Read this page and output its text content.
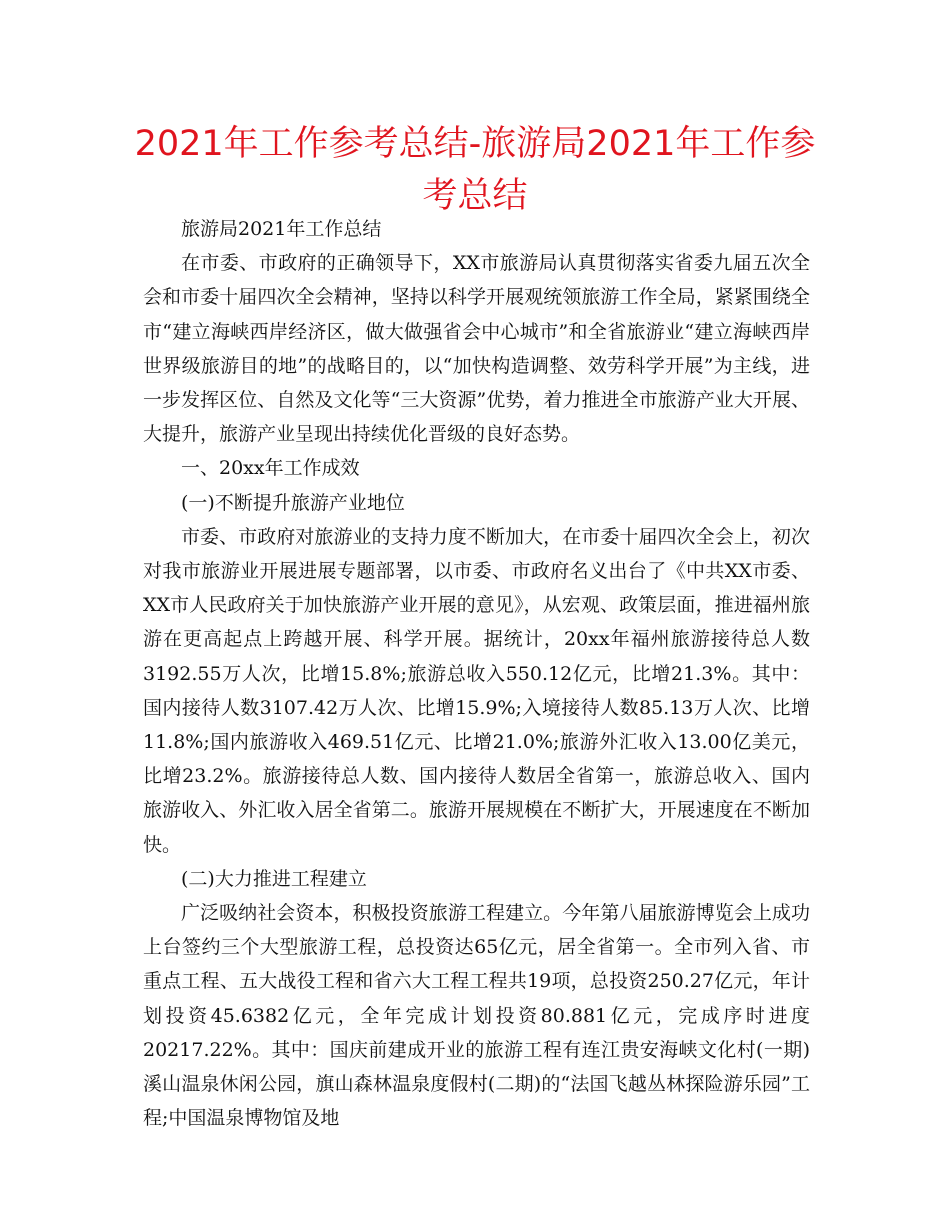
2021年工作参考总结-旅游局2021年工作参考总结

旅游局2021年工作总结

在市委、市政府的正确领导下，XX市旅游局认真贯彻落实省委九届五次全会和市委十届四次全会精神，坚持以科学开展观统领旅游工作全局，紧紧围绕全市“建立海峡西岸经济区，做大做强省会中心城市”和全省旅游业“建立海峡西岸世界级旅游目的地”的战略目的，以“加快构造调整、效劳科学开展”为主线，进一步发挥区位、自然及文化等“三大资源”优势，着力推进全市旅游产业大开展、大提升，旅游产业呈现出持续优化晋级的良好态势。

一、20xx年工作成效

(一)不断提升旅游产业地位

市委、市政府对旅游业的支持力度不断加大，在市委十届四次全会上，初次对我市旅游业开展进展专题部署，以市委、市政府名义出台了《中共XX市委、XX市人民政府关于加快旅游产业开展的意见》，从宏观、政策层面，推进福州旅游在更高起点上跨越开展、科学开展。据统计，20xx年福州旅游接待总人数3192.55万人次，比增15.8%;旅游总收入550.12亿元，比增21.3%。其中：国内接待人数3107.42万人次、比增15.9%;入境接待人数85.13万人次、比增11.8%;国内旅游收入469.51亿元、比增21.0%;旅游外汇收入13.00亿美元，比增23.2%。旅游接待总人数、国内接待人数居全省第一，旅游总收入、国内旅游收入、外汇收入居全省第二。旅游开展规模在不断扩大，开展速度在不断加快。

(二)大力推进工程建立

广泛吸纳社会资本，积极投资旅游工程建立。今年第八届旅游博览会上成功上台签约三个大型旅游工程，总投资达65亿元，居全省第一。全市列入省、市重点工程、五大战役工程和省六大工程工程共19项，总投资250.27亿元，年计划投资45.6382亿元，全年完成计划投资80.881亿元，完成序时进度20217.22%。其中：国庆前建成开业的旅游工程有连江贵安海峡文化村(一期)溪山温泉休闲公园，旗山森林温泉度假村(二期)的“法国飞越丛林探险游乐园”工程;中国温泉博物馆及地
